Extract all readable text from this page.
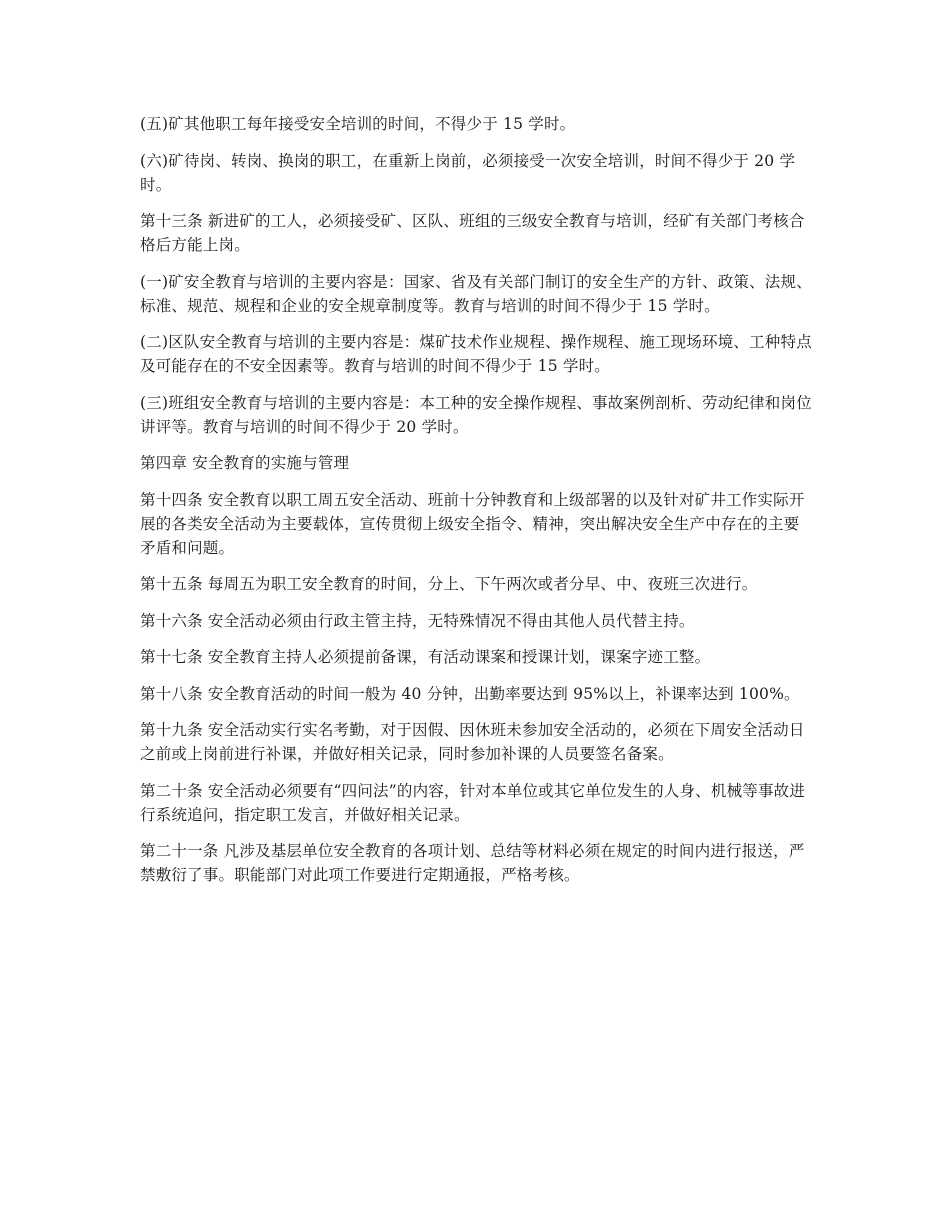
(五)矿其他职工每年接受安全培训的时间，不得少于 15 学时。

(六)矿待岗、转岗、换岗的职工，在重新上岗前，必须接受一次安全培训，时间不得少于 20 学时。

第十三条 新进矿的工人，必须接受矿、区队、班组的三级安全教育与培训，经矿有关部门考核合格后方能上岗。

(一)矿安全教育与培训的主要内容是：国家、省及有关部门制订的安全生产的方针、政策、法规、标准、规范、规程和企业的安全规章制度等。教育与培训的时间不得少于 15 学时。

(二)区队安全教育与培训的主要内容是：煤矿技术作业规程、操作规程、施工现场环境、工种特点及可能存在的不安全因素等。教育与培训的时间不得少于 15 学时。

(三)班组安全教育与培训的主要内容是：本工种的安全操作规程、事故案例剖析、劳动纪律和岗位讲评等。教育与培训的时间不得少于 20 学时。

第四章 安全教育的实施与管理

第十四条 安全教育以职工周五安全活动、班前十分钟教育和上级部署的以及针对矿井工作实际开展的各类安全活动为主要载体，宣传贯彻上级安全指令、精神，突出解决安全生产中存在的主要矛盾和问题。

第十五条 每周五为职工安全教育的时间，分上、下午两次或者分早、中、夜班三次进行。

第十六条 安全活动必须由行政主管主持，无特殊情况不得由其他人员代替主持。

第十七条 安全教育主持人必须提前备课，有活动课案和授课计划，课案字迹工整。

第十八条 安全教育活动的时间一般为 40 分钟，出勤率要达到 95%以上，补课率达到 100%。

第十九条 安全活动实行实名考勤，对于因假、因休班未参加安全活动的，必须在下周安全活动日之前或上岗前进行补课，并做好相关记录，同时参加补课的人员要签名备案。

第二十条 安全活动必须要有“四问法”的内容，针对本单位或其它单位发生的人身、机械等事故进行系统追问，指定职工发言，并做好相关记录。

第二十一条 凡涉及基层单位安全教育的各项计划、总结等材料必须在规定的时间内进行报送，严禁敷衍了事。职能部门对此项工作要进行定期通报，严格考核。
